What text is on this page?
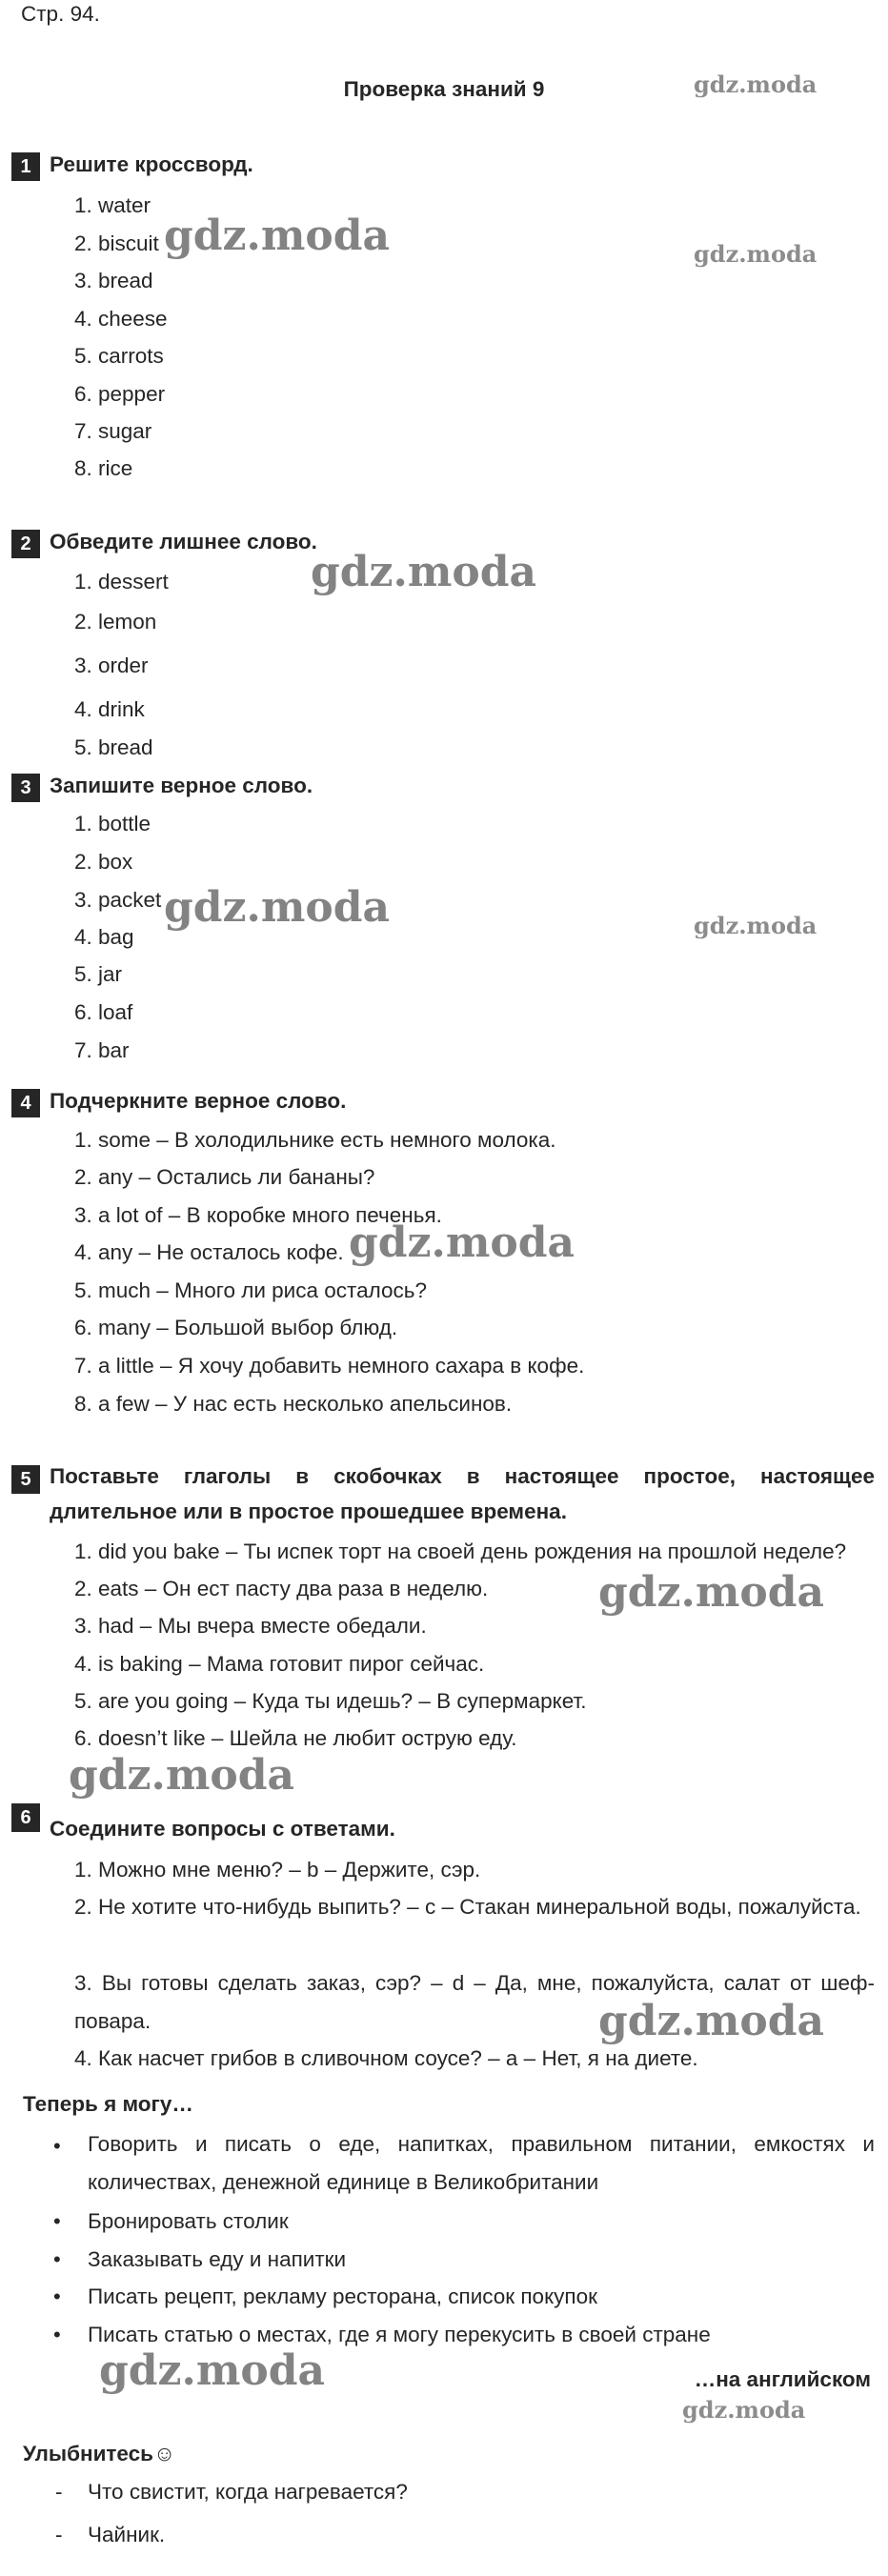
Стр. 94.
Проверка знаний 9
1 Решите кроссворд.
1. water
2. biscuit
3. bread
4. cheese
5. carrots
6. pepper
7. sugar
8. rice
2 Обведите лишнее слово.
1. dessert
2. lemon
3. order
4. drink
5. bread
3 Запишите верное слово.
1. bottle
2. box
3. packet
4. bag
5. jar
6. loaf
7. bar
4 Подчеркните верное слово.
1. some – В холодильнике есть немного молока.
2. any – Остались ли бананы?
3. a lot of – В коробке много печенья.
4. any – Не осталось кофе.
5. much – Много ли риса осталось?
6. many – Большой выбор блюд.
7. a little – Я хочу добавить немного сахара в кофе.
8. a few – У нас есть несколько апельсинов.
5 Поставьте глаголы в скобочках в настоящее простое, настоящее длительное или в простое прошедшее времена.
1. did you bake – Ты испек торт на своей день рождения на прошлой неделе?
2. eats – Он ест пасту два раза в неделю.
3. had – Мы вчера вместе обедали.
4. is baking – Мама готовит пирог сейчас.
5. are you going – Куда ты идешь? – В супермаркет.
6. doesn’t like – Шейла не любит острую еду.
6 Соедините вопросы с ответами.
1. Можно мне меню? – b – Держите, сэр.
2. Не хотите что-нибудь выпить? – c – Стакан минеральной воды, пожалуйста.
3. Вы готовы сделать заказ, сэр? – d – Да, мне, пожалуйста, салат от шеф-повара.
4. Как насчет грибов в сливочном соусе? – a – Нет, я на диете.
Теперь я могу…
• Говорить и писать о еде, напитках, правильном питании, емкостях и количествах, денежной единице в Великобритании
• Бронировать столик
• Заказывать еду и напитки
• Писать рецепт, рекламу ресторана, список покупок
• Писать статью о местах, где я могу перекусить в своей стране
…на английском
Улыбнитесь☺
- Что свистит, когда нагревается?
- Чайник.
gdz.moda
gdz.moda	gdz.moda
gdz.moda
gdz.moda	gdz.moda
gdz.moda
gdz.moda
gdz.moda
gdz.moda
gdz.moda
gdz.moda
